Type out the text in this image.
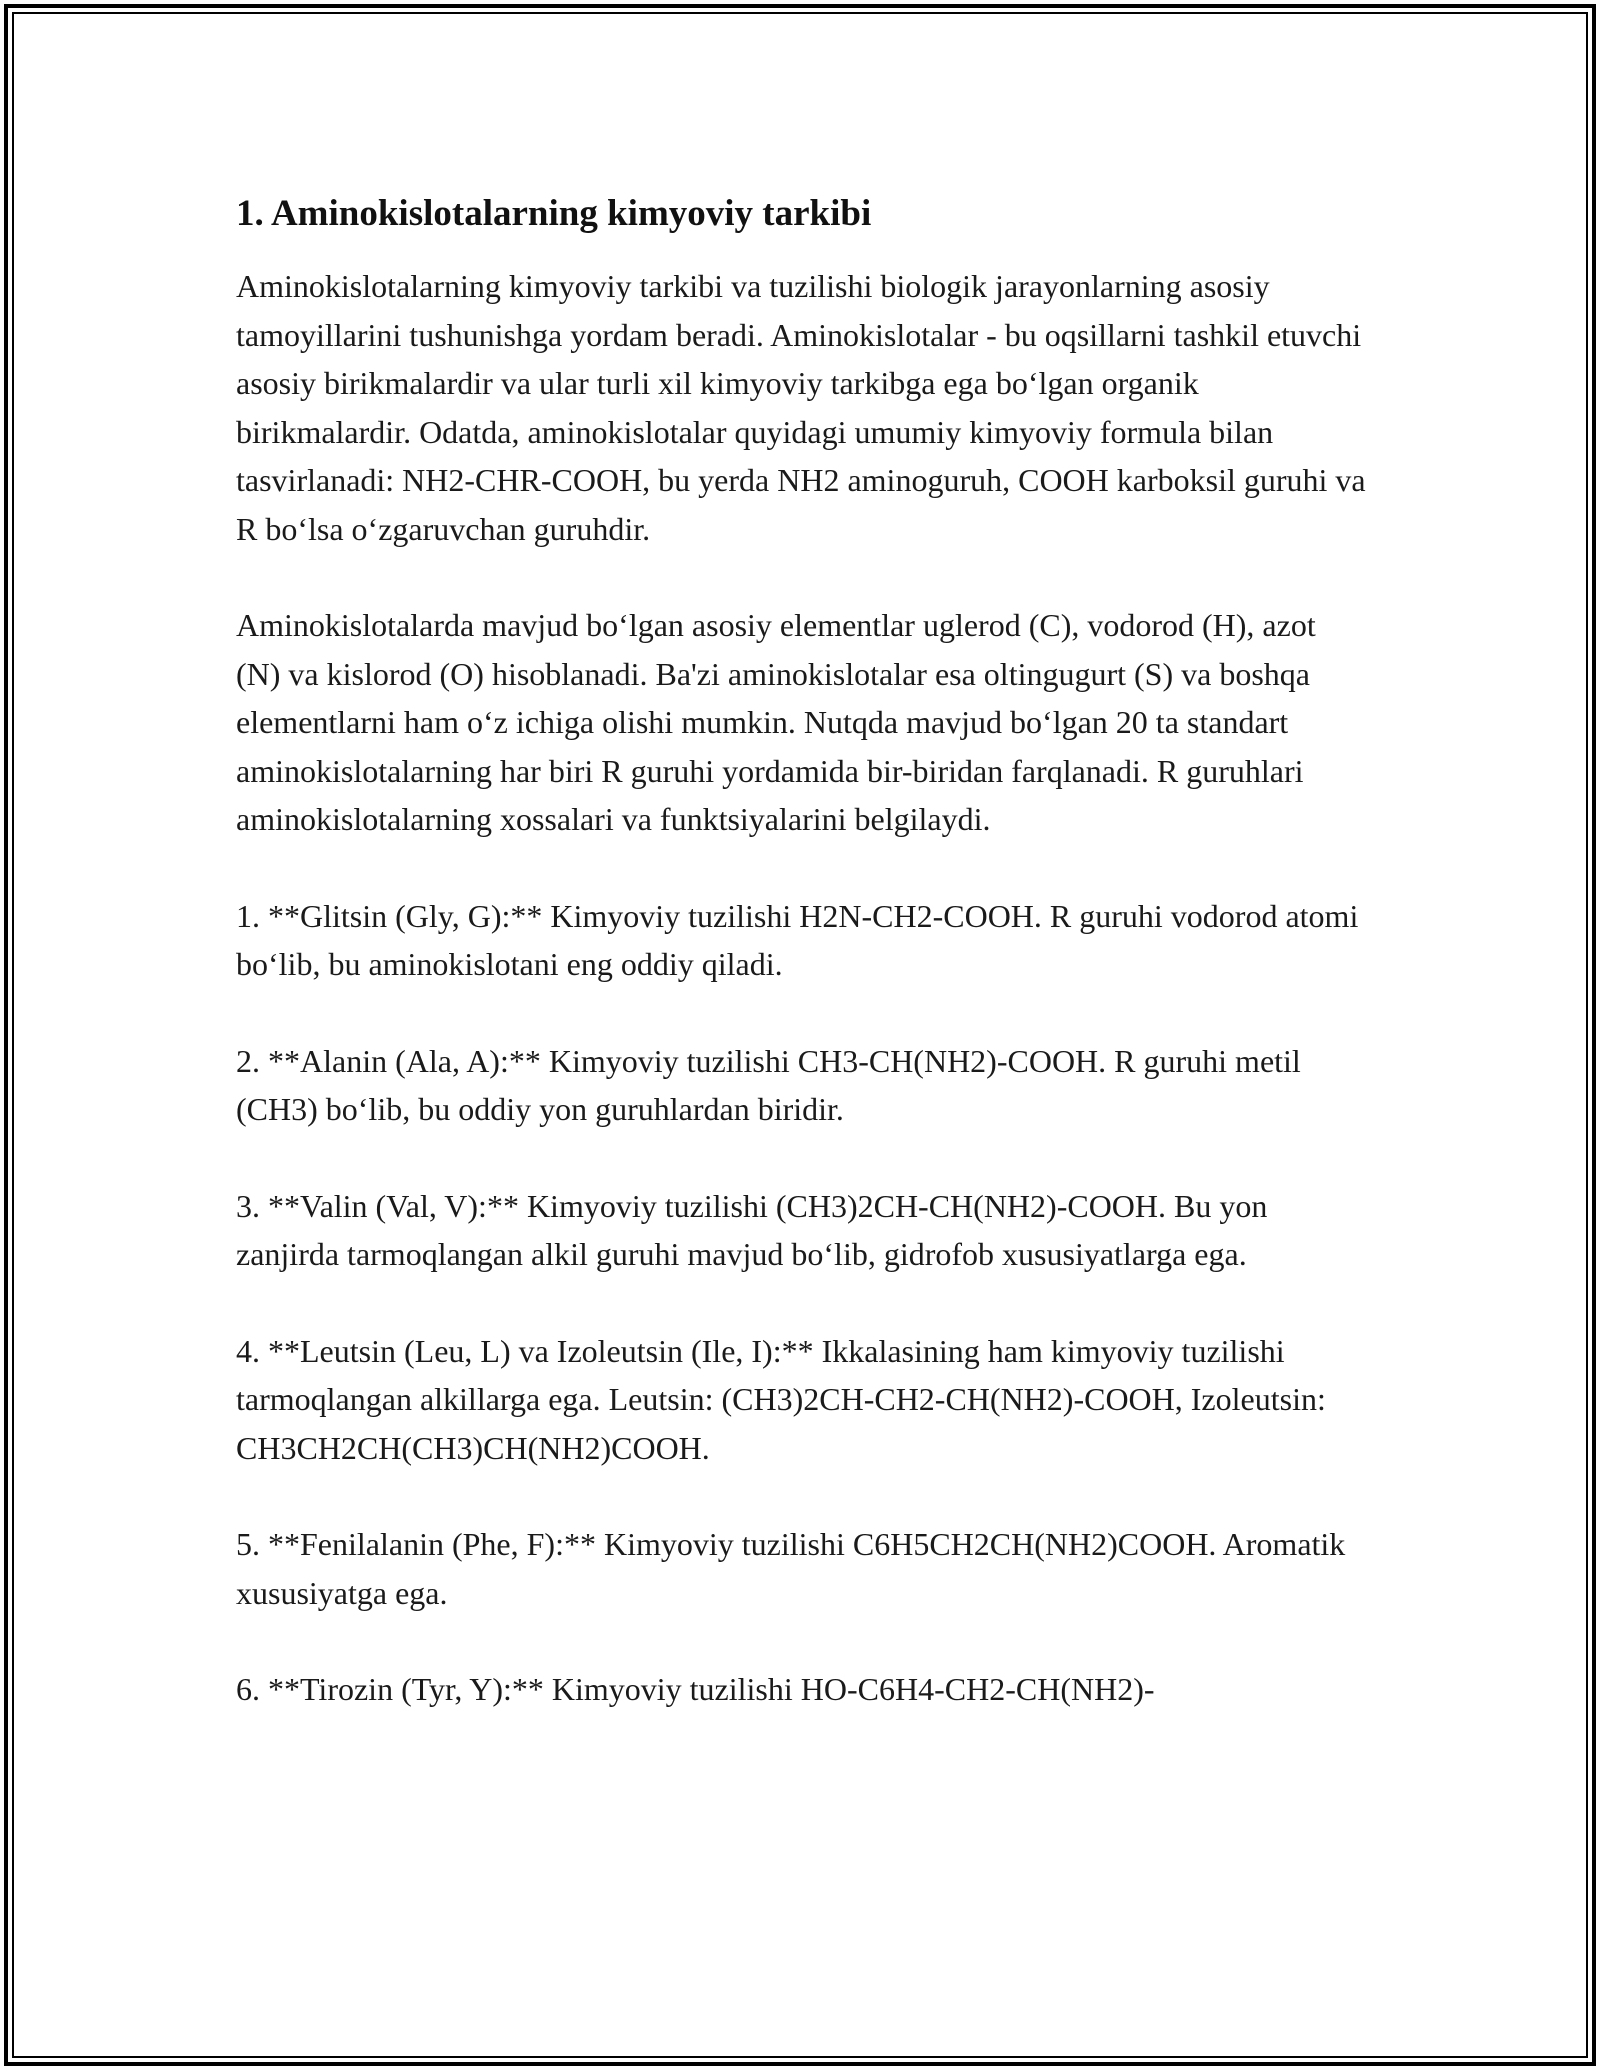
1. Aminokislotalarning kimyoviy tarkibi

Aminokislotalarning kimyoviy tarkibi va tuzilishi biologik jarayonlarning asosiy tamoyillarini tushunishga yordam beradi. Aminokislotalar - bu oqsillarni tashkil etuvchi asosiy birikmalardir va ular turli xil kimyoviy tarkibga ega boʻlgan organik birikmalardir. Odatda, aminokislotalar quyidagi umumiy kimyoviy formula bilan tasvirlanadi: NH2-CHR-COOH, bu yerda NH2 aminoguruh, COOH karboksil guruhi va R boʻlsa oʻzgaruvchan guruhdir.

Aminokislotalarda mavjud boʻlgan asosiy elementlar uglerod (C), vodorod (H), azot (N) va kislorod (O) hisoblanadi. Ba'zi aminokislotalar esa oltingugurt (S) va boshqa elementlarni ham oʻz ichiga olishi mumkin. Nutqda mavjud boʻlgan 20 ta standart aminokislotalarning har biri R guruhi yordamida bir-biridan farqlanadi. R guruhlari aminokislotalarning xossalari va funktsiyalarini belgilaydi.

1. **Glitsin (Gly, G):** Kimyoviy tuzilishi H2N-CH2-COOH. R guruhi vodorod atomi boʻlib, bu aminokislotani eng oddiy qiladi.

2. **Alanin (Ala, A):** Kimyoviy tuzilishi CH3-CH(NH2)-COOH. R guruhi metil (CH3) boʻlib, bu oddiy yon guruhlardan biridir.

3. **Valin (Val, V):** Kimyoviy tuzilishi (CH3)2CH-CH(NH2)-COOH. Bu yon zanjirda tarmoqlangan alkil guruhi mavjud boʻlib, gidrofob xususiyatlarga ega.

4. **Leutsin (Leu, L) va Izoleutsin (Ile, I):** Ikkalasining ham kimyoviy tuzilishi tarmoqlangan alkillarga ega. Leutsin: (CH3)2CH-CH2-CH(NH2)-COOH, Izoleutsin: CH3CH2CH(CH3)CH(NH2)COOH.

5. **Fenilalanin (Phe, F):** Kimyoviy tuzilishi C6H5CH2CH(NH2)COOH. Aromatik xususiyatga ega.

6. **Tirozin (Tyr, Y):** Kimyoviy tuzilishi HO-C6H4-CH2-CH(NH2)-
